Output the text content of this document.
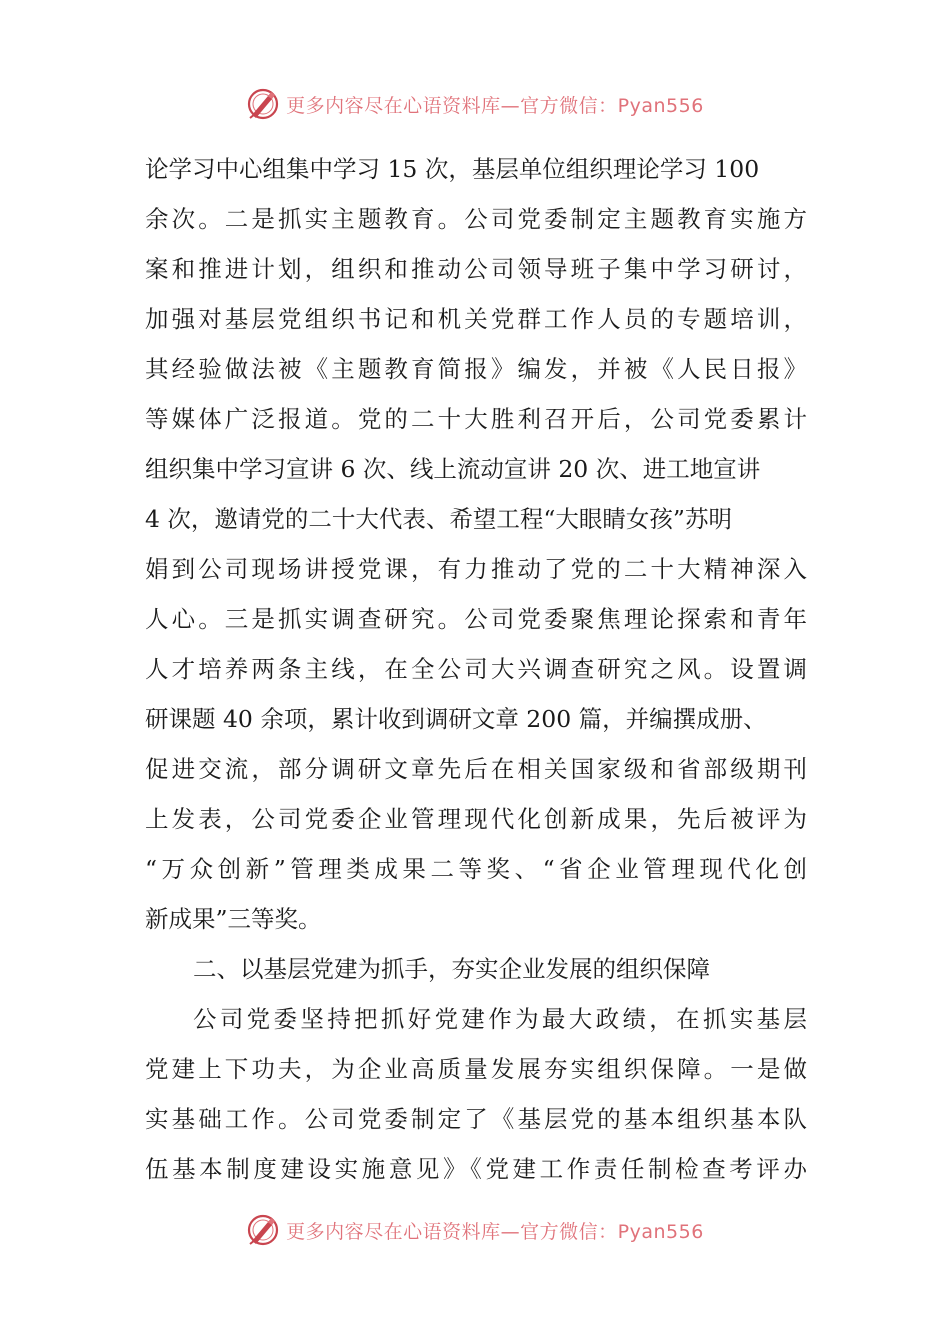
更多内容尽在心语资料库—官方微信：Pyan556
论学习中心组集中学习 15 次，基层单位组织理论学习 100
余次。二是抓实主题教育。公司党委制定主题教育实施方
案和推进计划，组织和推动公司领导班子集中学习研讨，
加强对基层党组织书记和机关党群工作人员的专题培训，
其经验做法被《主题教育简报》编发，并被《人民日报》
等媒体广泛报道。党的二十大胜利召开后，公司党委累计
组织集中学习宣讲 6 次、线上流动宣讲 20 次、进工地宣讲
4 次，邀请党的二十大代表、希望工程“大眼睛女孩”苏明
娟到公司现场讲授党课，有力推动了党的二十大精神深入
人心。三是抓实调查研究。公司党委聚焦理论探索和青年
人才培养两条主线，在全公司大兴调查研究之风。设置调
研课题 40 余项，累计收到调研文章 200 篇，并编撰成册、
促进交流，部分调研文章先后在相关国家级和省部级期刊
上发表，公司党委企业管理现代化创新成果，先后被评为
“万众创新”管理类成果二等奖、“省企业管理现代化创
新成果”三等奖。
二、以基层党建为抓手，夯实企业发展的组织保障
公司党委坚持把抓好党建作为最大政绩，在抓实基层
党建上下功夫，为企业高质量发展夯实组织保障。一是做
实基础工作。公司党委制定了《基层党的基本组织基本队
伍基本制度建设实施意见》《党建工作责任制检查考评办
更多内容尽在心语资料库—官方微信：Pyan556
